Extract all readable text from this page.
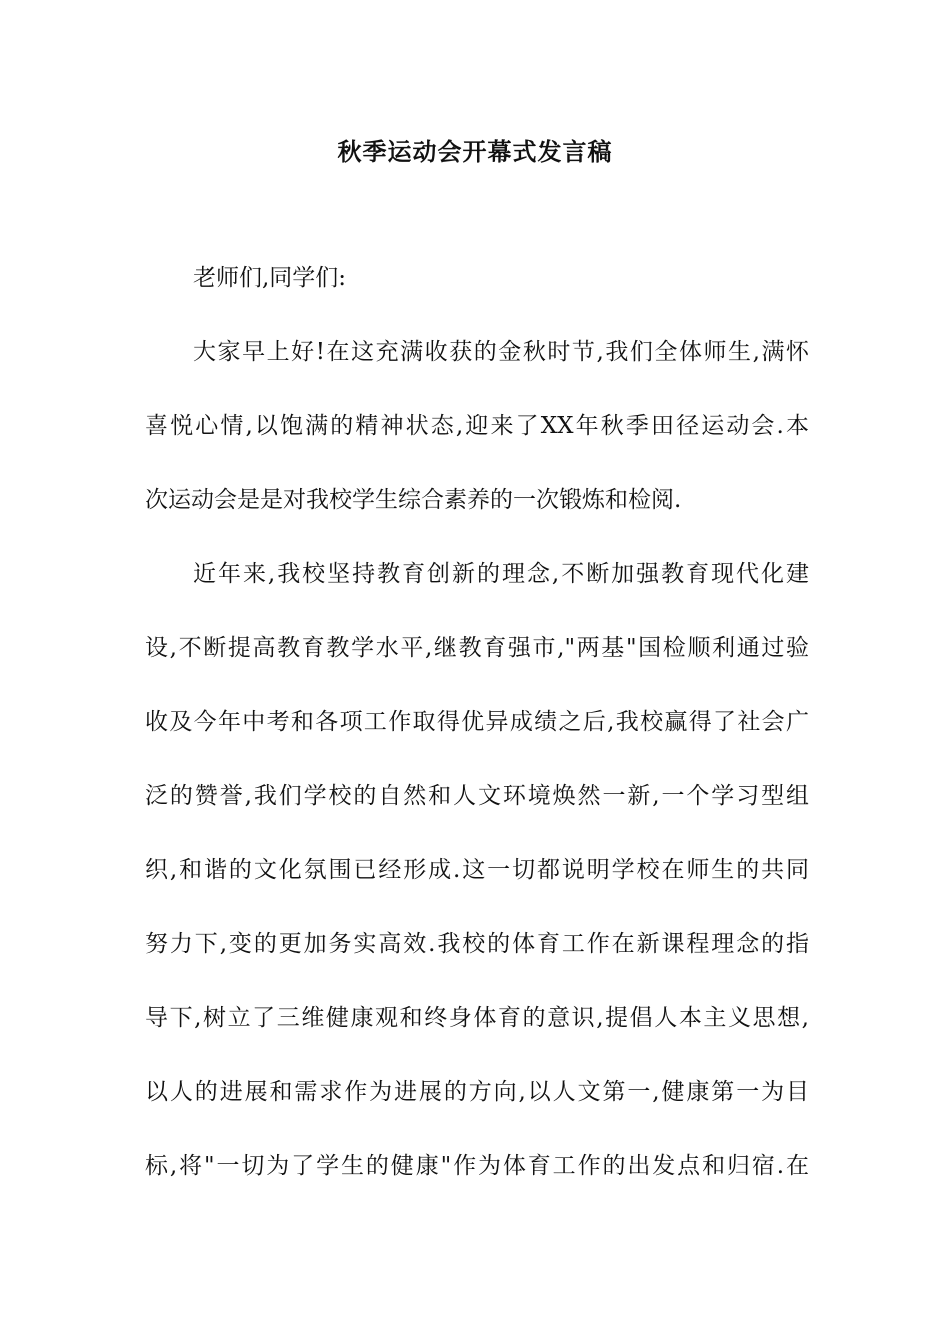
秋季运动会开幕式发言稿
老师们,同学们:
大家早上好!在这充满收获的金秋时节,我们全体师生,满怀
喜悦心情,以饱满的精神状态,迎来了XX年秋季田径运动会.本
次运动会是是对我校学生综合素养的一次锻炼和检阅.
近年来,我校坚持教育创新的理念,不断加强教育现代化建
设,不断提高教育教学水平,继教育强市,"两基"国检顺利通过验
收及今年中考和各项工作取得优异成绩之后,我校赢得了社会广
泛的赞誉,我们学校的自然和人文环境焕然一新,一个学习型组
织,和谐的文化氛围已经形成.这一切都说明学校在师生的共同
努力下,变的更加务实高效.我校的体育工作在新课程理念的指
导下,树立了三维健康观和终身体育的意识,提倡人本主义思想,
以人的进展和需求作为进展的方向,以人文第一,健康第一为目
标,将"一切为了学生的健康"作为体育工作的出发点和归宿.在
